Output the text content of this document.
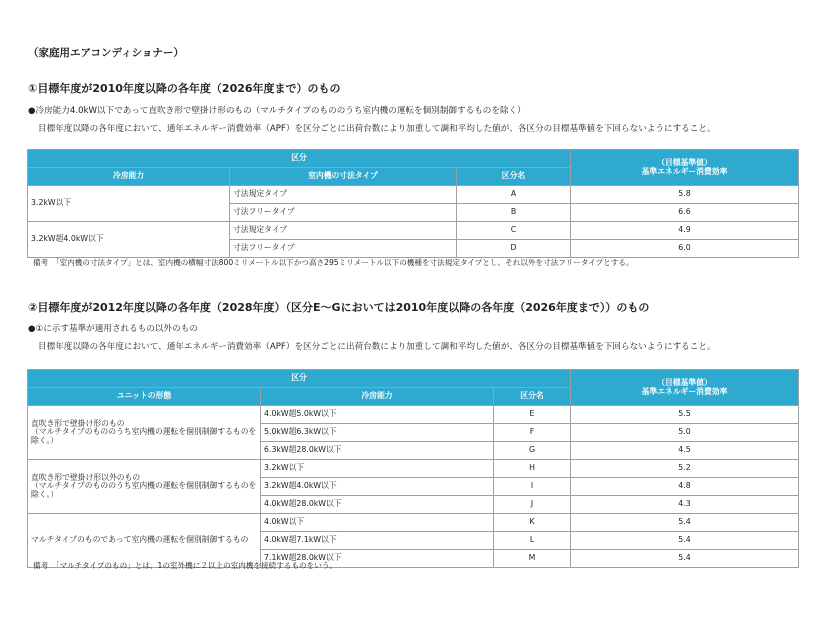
（家庭用エアコンディショナー）
①目標年度が2010年度以降の各年度（2026年度まで）のもの
●冷房能力4.0kW以下であって直吹き形で壁掛け形のもの（マルチタイプのもののうち室内機の運転を個別制御するものを除く）
目標年度以降の各年度において、通年エネルギー消費効率（APF）を区分ごとに出荷台数により加重して調和平均した値が、各区分の目標基準値を下回らないようにすること。
区分			（目標基準値）
基準エネルギー消費効率

冷房能力	室内機の寸法タイプ	区分名	
3.2kW以下	寸法規定タイプ	A	5.8
	寸法フリータイプ	B	6.6
3.2kW超4.0kW以下	寸法規定タイプ	C	4.9
	寸法フリータイプ	D	6.0
備考　「室内機の寸法タイプ」とは、室内機の横幅寸法800ミリメートル以下かつ高さ295ミリメートル以下の機種を寸法規定タイプとし、それ以外を寸法フリータイプとする。
②目標年度が2012年度以降の各年度（2028年度）（区分E～Gにおいては2010年度以降の各年度（2026年度まで））のもの
●①に示す基準が適用されるもの以外のもの
目標年度以降の各年度において、通年エネルギー消費効率（APF）を区分ごとに出荷台数により加重して調和平均した値が、各区分の目標基準値を下回らないようにすること。
区分			（目標基準値）
基準エネルギー消費効率

ユニットの形態	冷房能力	区分名	

直吹き形で壁掛け形のもの
（マルチタイプのもののうち室内機の運転を個別制御するものを除く。）	4.0kW超5.0kW以下	E	5.5
	5.0kW超6.3kW以下	F	5.0
	6.3kW超28.0kW以下	G	4.5

直吹き形で壁掛け形以外のもの
（マルチタイプのもののうち室内機の運転を個別制御するものを除く。）	3.2kW以下	H	5.2
	3.2kW超4.0kW以下	I	4.8
	4.0kW超28.0kW以下	J	4.3

マルチタイプのものであって室内機の運転を個別制御するもの	4.0kW以下	K	5.4
	4.0kW超7.1kW以下	L	5.4
	7.1kW超28.0kW以下	M	5.4
備考　「マルチタイプのもの」とは、1の室外機に２以上の室内機を接続するものをいう。
